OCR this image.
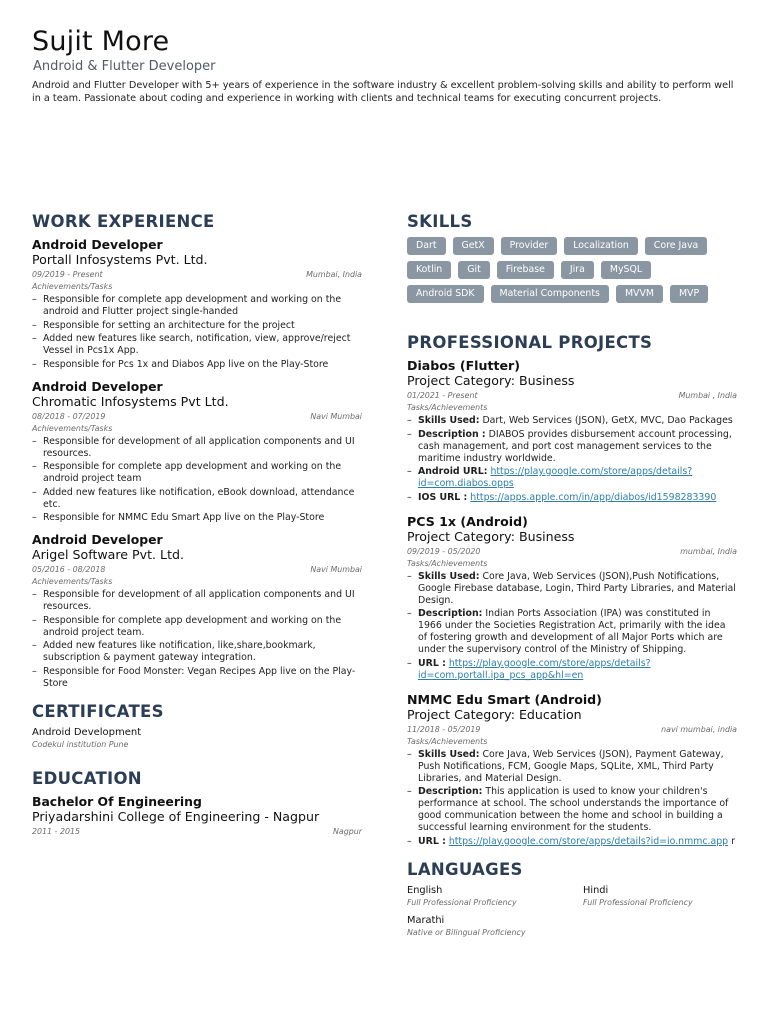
Sujit More
Android & Flutter Developer
Android and Flutter Developer with 5+ years of experience in the software industry & excellent problem-solving skills and ability to perform well in a team. Passionate about coding and experience in working with clients and technical teams for executing concurrent projects.
WORK EXPERIENCE
Android Developer
Portall Infosystems Pvt. Ltd.
09/2019 - Present	Mumbai, India
Achievements/Tasks
– Responsible for complete app development and working on the android and Flutter project single-handed
– Responsible for setting an architecture for the project
– Added new features like search, notification, view, approve/reject Vessel in Pcs1x App.
– Responsible for Pcs 1x and Diabos App live on the Play-Store
Android Developer
Chromatic Infosystems Pvt Ltd.
08/2018 - 07/2019	Navi Mumbai
Achievements/Tasks
– Responsible for development of all application components and UI resources.
– Responsible for complete app development and working on the android project team
– Added new features like notification, eBook download, attendance etc.
– Responsible for NMMC Edu Smart App live on the Play-Store
Android Developer
Arigel Software Pvt. Ltd.
05/2016 - 08/2018	Navi Mumbai
Achievements/Tasks
– Responsible for development of all application components and UI resources.
– Responsible for complete app development and working on the android project team.
– Added new features like notification, like,share,bookmark, subscription & payment gateway integration.
– Responsible for Food Monster: Vegan Recipes App live on the Play-Store
CERTIFICATES
Android Development
Codekul institution Pune
EDUCATION
Bachelor Of Engineering
Priyadarshini College of Engineering - Nagpur
2011 - 2015	Nagpur
SKILLS
Dart	GetX	Provider	Localization	Core Java
Kotlin	Git	Firebase	Jira	MySQL
Android SDK	Material Components	MVVM	MVP
PROFESSIONAL PROJECTS
Diabos (Flutter)
Project Category: Business
01/2021 - Present	Mumbai , India
Tasks/Achievements
– Skills Used: Dart, Web Services (JSON), GetX, MVC, Dao Packages
– Description : DIABOS provides disbursement account processing, cash management, and port cost management services to the maritime industry worldwide.
– Android URL: https://play.google.com/store/apps/details?id=com.diabos.opps
– IOS URL : https://apps.apple.com/in/app/diabos/id1598283390
PCS 1x (Android)
Project Category: Business
09/2019 - 05/2020	mumbai, India
Tasks/Achievements
– Skills Used: Core Java, Web Services (JSON),Push Notifications, Google Firebase database, Login, Third Party Libraries, and Material Design.
– Description: Indian Ports Association (IPA) was constituted in 1966 under the Societies Registration Act, primarily with the idea of fostering growth and development of all Major Ports which are under the supervisory control of the Ministry of Shipping.
– URL : https://play.google.com/store/apps/details?id=com.portall.ipa_pcs_app&hl=en
NMMC Edu Smart (Android)
Project Category: Education
11/2018 - 05/2019	navi mumbai, india
Tasks/Achievements
– Skills Used: Core Java, Web Services (JSON), Payment Gateway, Push Notifications, FCM, Google Maps, SQLite, XML, Third Party Libraries, and Material Design.
– Description: This application is used to know your children's performance at school. The school understands the importance of good communication between the home and school in building a successful learning environment for the students.
– URL : https://play.google.com/store/apps/details?id=io.nmmc.app r
LANGUAGES
English
Full Professional Proficiency
Hindi
Full Professional Proficiency
Marathi
Native or Bilingual Proficiency
